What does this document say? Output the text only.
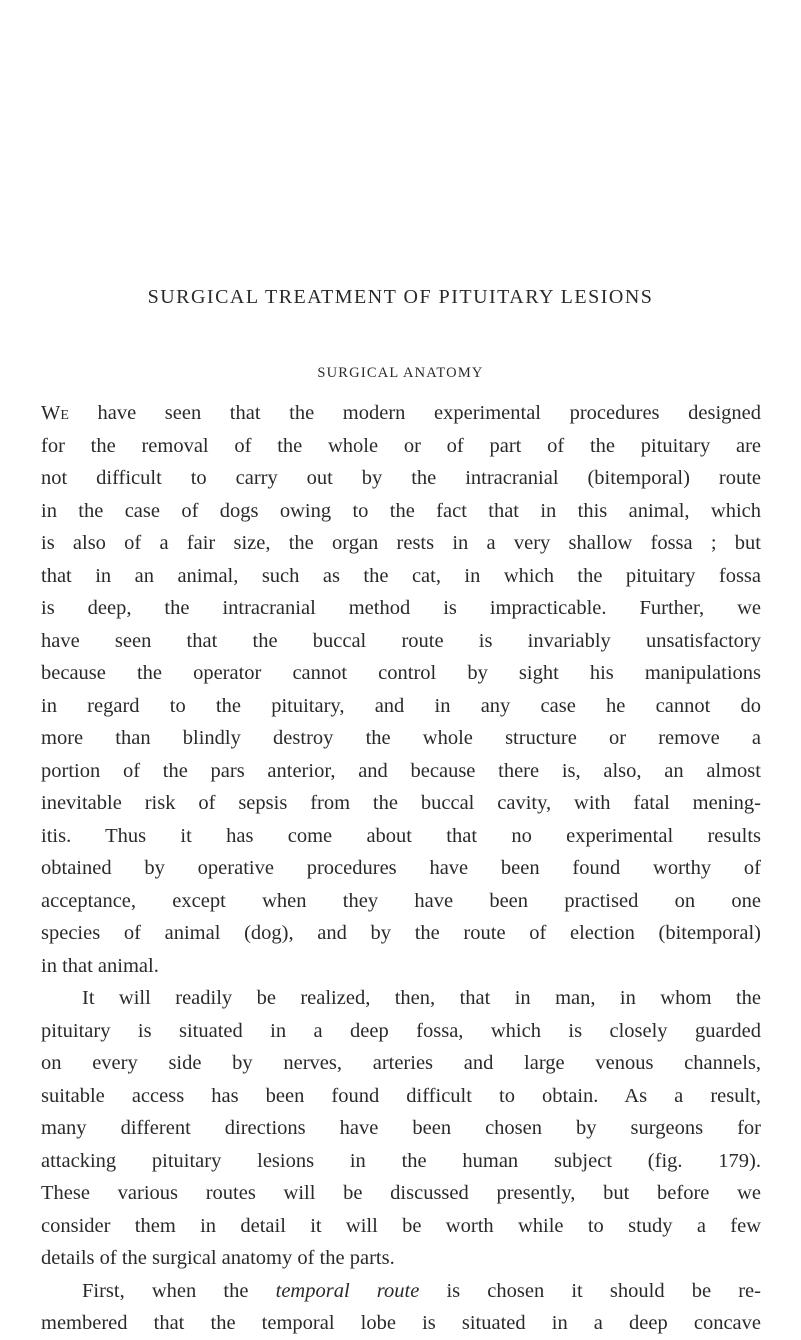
SURGICAL TREATMENT OF PITUITARY LESIONS
SURGICAL ANATOMY
We have seen that the modern experimental procedures designed
for the removal of the whole or of part of the pituitary are
not difficult to carry out by the intracranial (bitemporal) route
in the case of dogs owing to the fact that in this animal, which
is also of a fair size, the organ rests in a very shallow fossa ; but
that in an animal, such as the cat, in which the pituitary fossa
is deep, the intracranial method is impracticable. Further, we
have seen that the buccal route is invariably unsatisfactory
because the operator cannot control by sight his manipulations
in regard to the pituitary, and in any case he cannot do
more than blindly destroy the whole structure or remove a
portion of the pars anterior, and because there is, also, an almost
inevitable risk of sepsis from the buccal cavity, with fatal mening-
itis. Thus it has come about that no experimental results
obtained by operative procedures have been found worthy of
acceptance, except when they have been practised on one
species of animal (dog), and by the route of election (bitemporal)
in that animal.
It will readily be realized, then, that in man, in whom the
pituitary is situated in a deep fossa, which is closely guarded
on every side by nerves, arteries and large venous channels,
suitable access has been found difficult to obtain. As a result,
many different directions have been chosen by surgeons for
attacking pituitary lesions in the human subject (fig. 179).
These various routes will be discussed presently, but before we
consider them in detail it will be worth while to study a few
details of the surgical anatomy of the parts.
First, when the temporal route is chosen it should be re-
membered that the temporal lobe is situated in a deep concave
